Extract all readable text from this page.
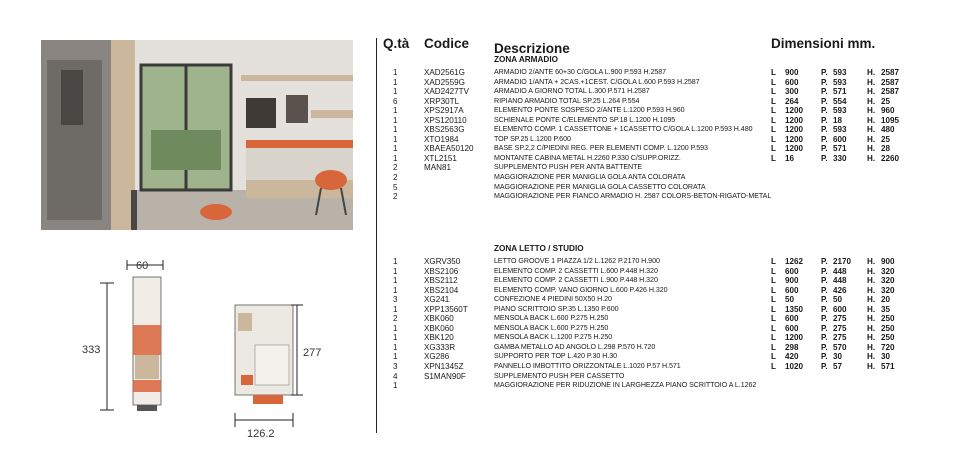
60
333
126.2
277
Q.tà Codice Descrizione	Dimensioni mm.
ZONA ARMADIO
1	XAD2561G	ARMADIO 2/ANTE 60+30 C/GOLA L.900 P.593 H.2587	L 900	P. 593	H. 2587
1	XAD2559G	ARMADIO 1/ANTA + 2CAS.+1CEST. C/GOLA L.600 P.593 H.2587	L 600	P. 593	H. 2587
1	XAD2427TV	ARMADIO A GIORNO TOTAL L.300 P.571 H.2587	L 300	P. 571	H. 2587
6	XRP30TL	RIPIANO ARMADIO TOTAL SP.25 L.264 P.554	L 264	P. 554	H. 25
1	XPS2917A	ELEMENTO PONTE SOSPESO 2/ANTE L.1200 P.593 H.960	L 1200 P. 593	H. 960
1	XPS120110	SCHIENALE PONTE C/ELEMENTO SP.18 L.1200 H.1095	L 1200 P. 18	H. 1095
1	XBS2563G	ELEMENTO COMP. 1 CASSETTONE + 1CASSETTO C/GOLA L.1200 P.593 H.480 L 1200 P. 593	H. 480
1	XTO1984	TOP SP.25 L.1200 P.600	L 1200 P. 600	H. 25
1	XBAEA50120	BASE SP.2,2 C/PIEDINI REG. PER ELEMENTI COMP. L.1200 P.593	L 1200 P. 571	H. 28
1	XTL2151	MONTANTE CABINA METAL H.2260 P.330 C/SUPP.ORIZZ.	L 16	P. 330	H. 2260
2	MAN81	SUPPLEMENTO PUSH PER ANTA BATTENTE
2	MAGGIORAZIONE PER MANIGLIA GOLA ANTA COLORATA
5	MAGGIORAZIONE PER MANIGLIA GOLA CASSETTO COLORATA
2	MAGGIORAZIONE PER FIANCO ARMADIO H. 2587 COLORS-BETON-RIGATO-METAL
ZONA LETTO / STUDIO
1	XGRV350	LETTO GROOVE 1 PIAZZA 1/2 L.1262 P.2170 H.900	L 1262 P. 2170 H. 900
1	XBS2106	ELEMENTO COMP. 2 CASSETTI L.600 P.448 H.320	L 600	P. 448	H. 320
1	XBS2112	ELEMENTO COMP. 2 CASSETTI L.900 P.448 H.320	L 900	P. 448	H. 320
1	XBS2104	ELEMENTO COMP. VANO GIORNO L.600 P.426 H.320	L 600	P. 426	H. 320
3	XG241	CONFEZIONE 4 PIEDINI 50X50 H.20	L 50	P. 50	H. 20
1	XPP13560T	PIANO SCRITTOIO SP.35 L.1350 P.600	L 1350 P. 600	H. 35
2	XBK060	MENSOLA BACK L.600 P.275 H.250	L 600	P. 275	H. 250
1	XBK060	MENSOLA BACK L.600 P.275 H.250	L 600	P. 275	H. 250
1	XBK120	MENSOLA BACK L.1200 P.275 H.250	L 1200 P. 275	H. 250
1	XG333R	GAMBA METALLO AD ANGOLO L.298 P.570 H.720	L 298	P. 570	H. 720
1	XG286	SUPPORTO PER TOP L.420 P.30 H.30	L 420	P. 30	H. 30
3	XPN1345Z	PANNELLO IMBOTTITO ORIZZONTALE L.1020 P.57 H.571	L 1020 P. 57	H. 571
4	S1MAN90F	SUPPLEMENTO PUSH PER CASSETTO
1	MAGGIORAZIONE PER RIDUZIONE IN LARGHEZZA PIANO SCRITTOIO A L.1262
